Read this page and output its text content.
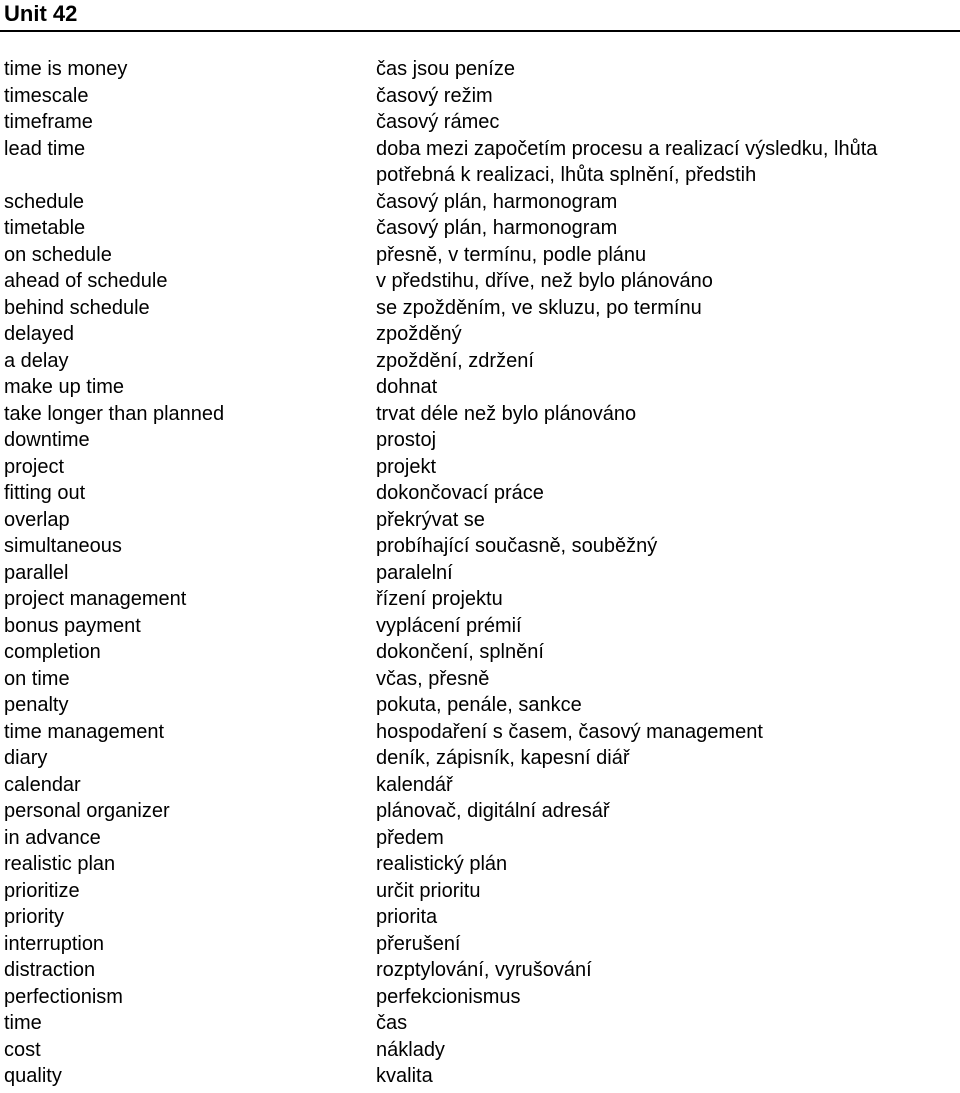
Unit 42
time is money	čas jsou peníze
timescale	časový režim
timeframe	časový rámec
lead time	doba mezi započetím procesu a realizací výsledku, lhůta potřebná k realizaci, lhůta splnění, předstih
schedule	časový plán, harmonogram
timetable	časový plán, harmonogram
on schedule	přesně, v termínu, podle plánu
ahead of schedule	v předstihu, dříve, než bylo plánováno
behind schedule	se zpožděním, ve skluzu, po termínu
delayed	zpožděný
a delay	zpoždění, zdržení
make up time	dohnat
take longer than planned	trvat déle než bylo plánováno
downtime	prostoj
project	projekt
fitting out	dokončovací práce
overlap	překrývat se
simultaneous	probíhající současně, souběžný
parallel	paralelní
project management	řízení projektu
bonus payment	vyplácení prémií
completion	dokončení, splnění
on time	včas, přesně
penalty	pokuta, penále, sankce
time management	hospodaření s časem, časový management
diary	deník, zápisník, kapesní diář
calendar	kalendář
personal organizer	plánovač, digitální adresář
in advance	předem
realistic plan	realistický plán
prioritize	určit prioritu
priority	priorita
interruption	přerušení
distraction	rozptylování, vyrušování
perfectionism	perfekcionismus
time	čas
cost	náklady
quality	kvalita
